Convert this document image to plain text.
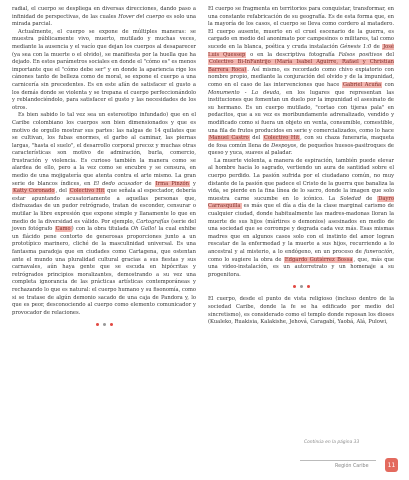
radial, el cuerpo se despliega en diversas direcciones, dando paso a infinidad de perspectivas, de las cuales Hover del cuerpo es solo una mirada parcial.

Actualmente, el cuerpo se expone de múltiples maneras: se muestra públicamente vivo, muerto, mutilado y muchas veces, mediante la ausencia y el vacío que dejan los cuerpos al desaparecer (ya sea con la muerte o el olvido), se manifiesta por la huella que ha dejado. En estos parámetros sociales en donde el "cómo es" es menos importante que el "cómo debe ser" y en donde la apariencia rige los cánones tanto de belleza como de moral, se expone el cuerpo a una carnicería sin precedentes. Es en este afán de satisfacer el gusto a los demás donde se violenta y se trepana el cuerpo perfeccionándolo y reblandeciéndolo, para satisfacer el gusto y las necesidades de los otros.

Es bien sabido lo tal vez sea un estereotipo infundado) que en el Caribe colombiano los cuerpos son bien dimensionados y que es motivo de orgullo mostrar sus partes: las nalgas de 14 quilates que se cultivan, los fubas enormes, el garbo al caminar, las piernas largas, "hasta el suelo", el desarrollo corporal precoz y muchas otras características son motivo de admiración, burla, comercio, frustración y violencia. Es curioso también la manera como se alardea de ello, pero a la vez como se encubre y se censura, en medio de una mojigatería que atenta contra el arte mismo. La gran serie de blancos índices, en El dedo acusador de Irma Pinzón y Katty Coronado, del Colectivo Hit que señala al espectador, debería estar apuntando acusatoriamente a aquellas personas que, disfrazadas de un pudor retrógrado, tratan de esconder, censurar o mutilar la libre expresión que expone simple y llanamente lo que en medio de la diversidad es válido. Por ejemplo, Cartografías (serie del joven fotógrafo Camo) con la obra titulada Oh Gallo! la cual exhibe un flácido pene contorto de generosas proporciones junto a un prototípico marinero, cliché de la masculinidad universal. Es una fantasma paradoja que en ciudades como Cartagena, que ostentan ante el mundo una pluralidad cultural gracias a sus fiestas y sus carnavales, aún haya gente que se escuda en hipócritas y retrógrados principios moralizantes, demostrando a su vez una completa ignorancia de las prácticas artísticas contemporáneas y rechazando lo que es natural: el cuerpo humano y su fisonomía, como si se tratase de algún demonio sacado de una caja de Pandora y, lo que es peor, desconociendo al cuerpo como elemento comunicador y provocador de relaciones.

El cuerpo se fragmenta en territorios para conquistar, transformar, en una constante refabricación de su geografía. Es de esta forma que, en la mayoría de los casos, el cuerpo se lleva como cordero al matadero. El cuerpo ausente, muerto en el cruel escenario de la guerra, es cargado en medio del anonimato por campesinos o militares, tal como sucede en la blanca, poética y cruda instalación Génesis 1:0 de José Luis Quessep o en la descriptiva fotografía Falsos positivos del Colectivo Bi-InFantrijo (María Isabel Aguirre, Rafael y Christian Barrera Roca). Así mismo, es recordado como chivo expiatorio con nombre propio, mediante la conjuración del olvido y de la impunidad, como en el caso de las intervenciones que hace Gabriel Acuña con Monumento - La deuda, en los lugares que representan las instituciones que fomentan un duelo por la impunidad el asesinato de su hermano. Es un cuerpo mutilado, "cortao con tijeras pala" en pedacitos, que a su vez es moribundamente adrenalizado, vendido y modificado como si fuera un objeto en venta, consumible, comestible, una fila de frutos producidos en serie y comercializados, como lo hace Manuel Castro del Colectivo Hit, con su chaza funeraria, maqueta de fosa común llena de Despoyos, de pequeños huesos-pasitroques de queso y yuca, suaves al paladar.

La muerte violenta, a manera de espiración, también puede elevar al hombre hacia lo sagrado, vertiendo un aura de santidad sobre el cuerpo perdido. La pasión sufrida por el ciudadano común, no muy distante de la pasión que padece el Cristo de la guerra que banaliza la vida, se pierde en la fina línea de lo sacro, donde la imagen que solo muestra carne sucumbe en lo icónico. La Soledad de Dayro Carrasquilla es más que el día a día de la clase marginal carismo de cualquier ciudad, donde habitualmente las madres-madonas lloran la muerte de sus hijos (mártires o demonios) asesinados en medio de una sociedad que se corrompe y degrada cada vez más. Esas mismas madres que en algunos casos solo con el instinto del amor logran rescatar de la enfermedad y la muerte a sus hijos, recurriendo a lo ancestral y al misterio, a lo endógeno, en un proceso de funeración, como lo sugiere la obra de Edgardo Gutiérrez Bossa, que, más que una video-instalación, es un autorretrato y un homenaje a su progenitora.

El cuerpo, desde el punto de vista religioso (incluso dentro de la sociedad Caribe, donde la fe se ha edificado por medio del sincretismo), es considerado como el templo donde reposan los dioses (Kualeko, Ruakisia, Kalakishe, Jehová, Caragabí, Yaobá, Alá, Pulowi,

Continúa en la página 33
Región Caribe	11
